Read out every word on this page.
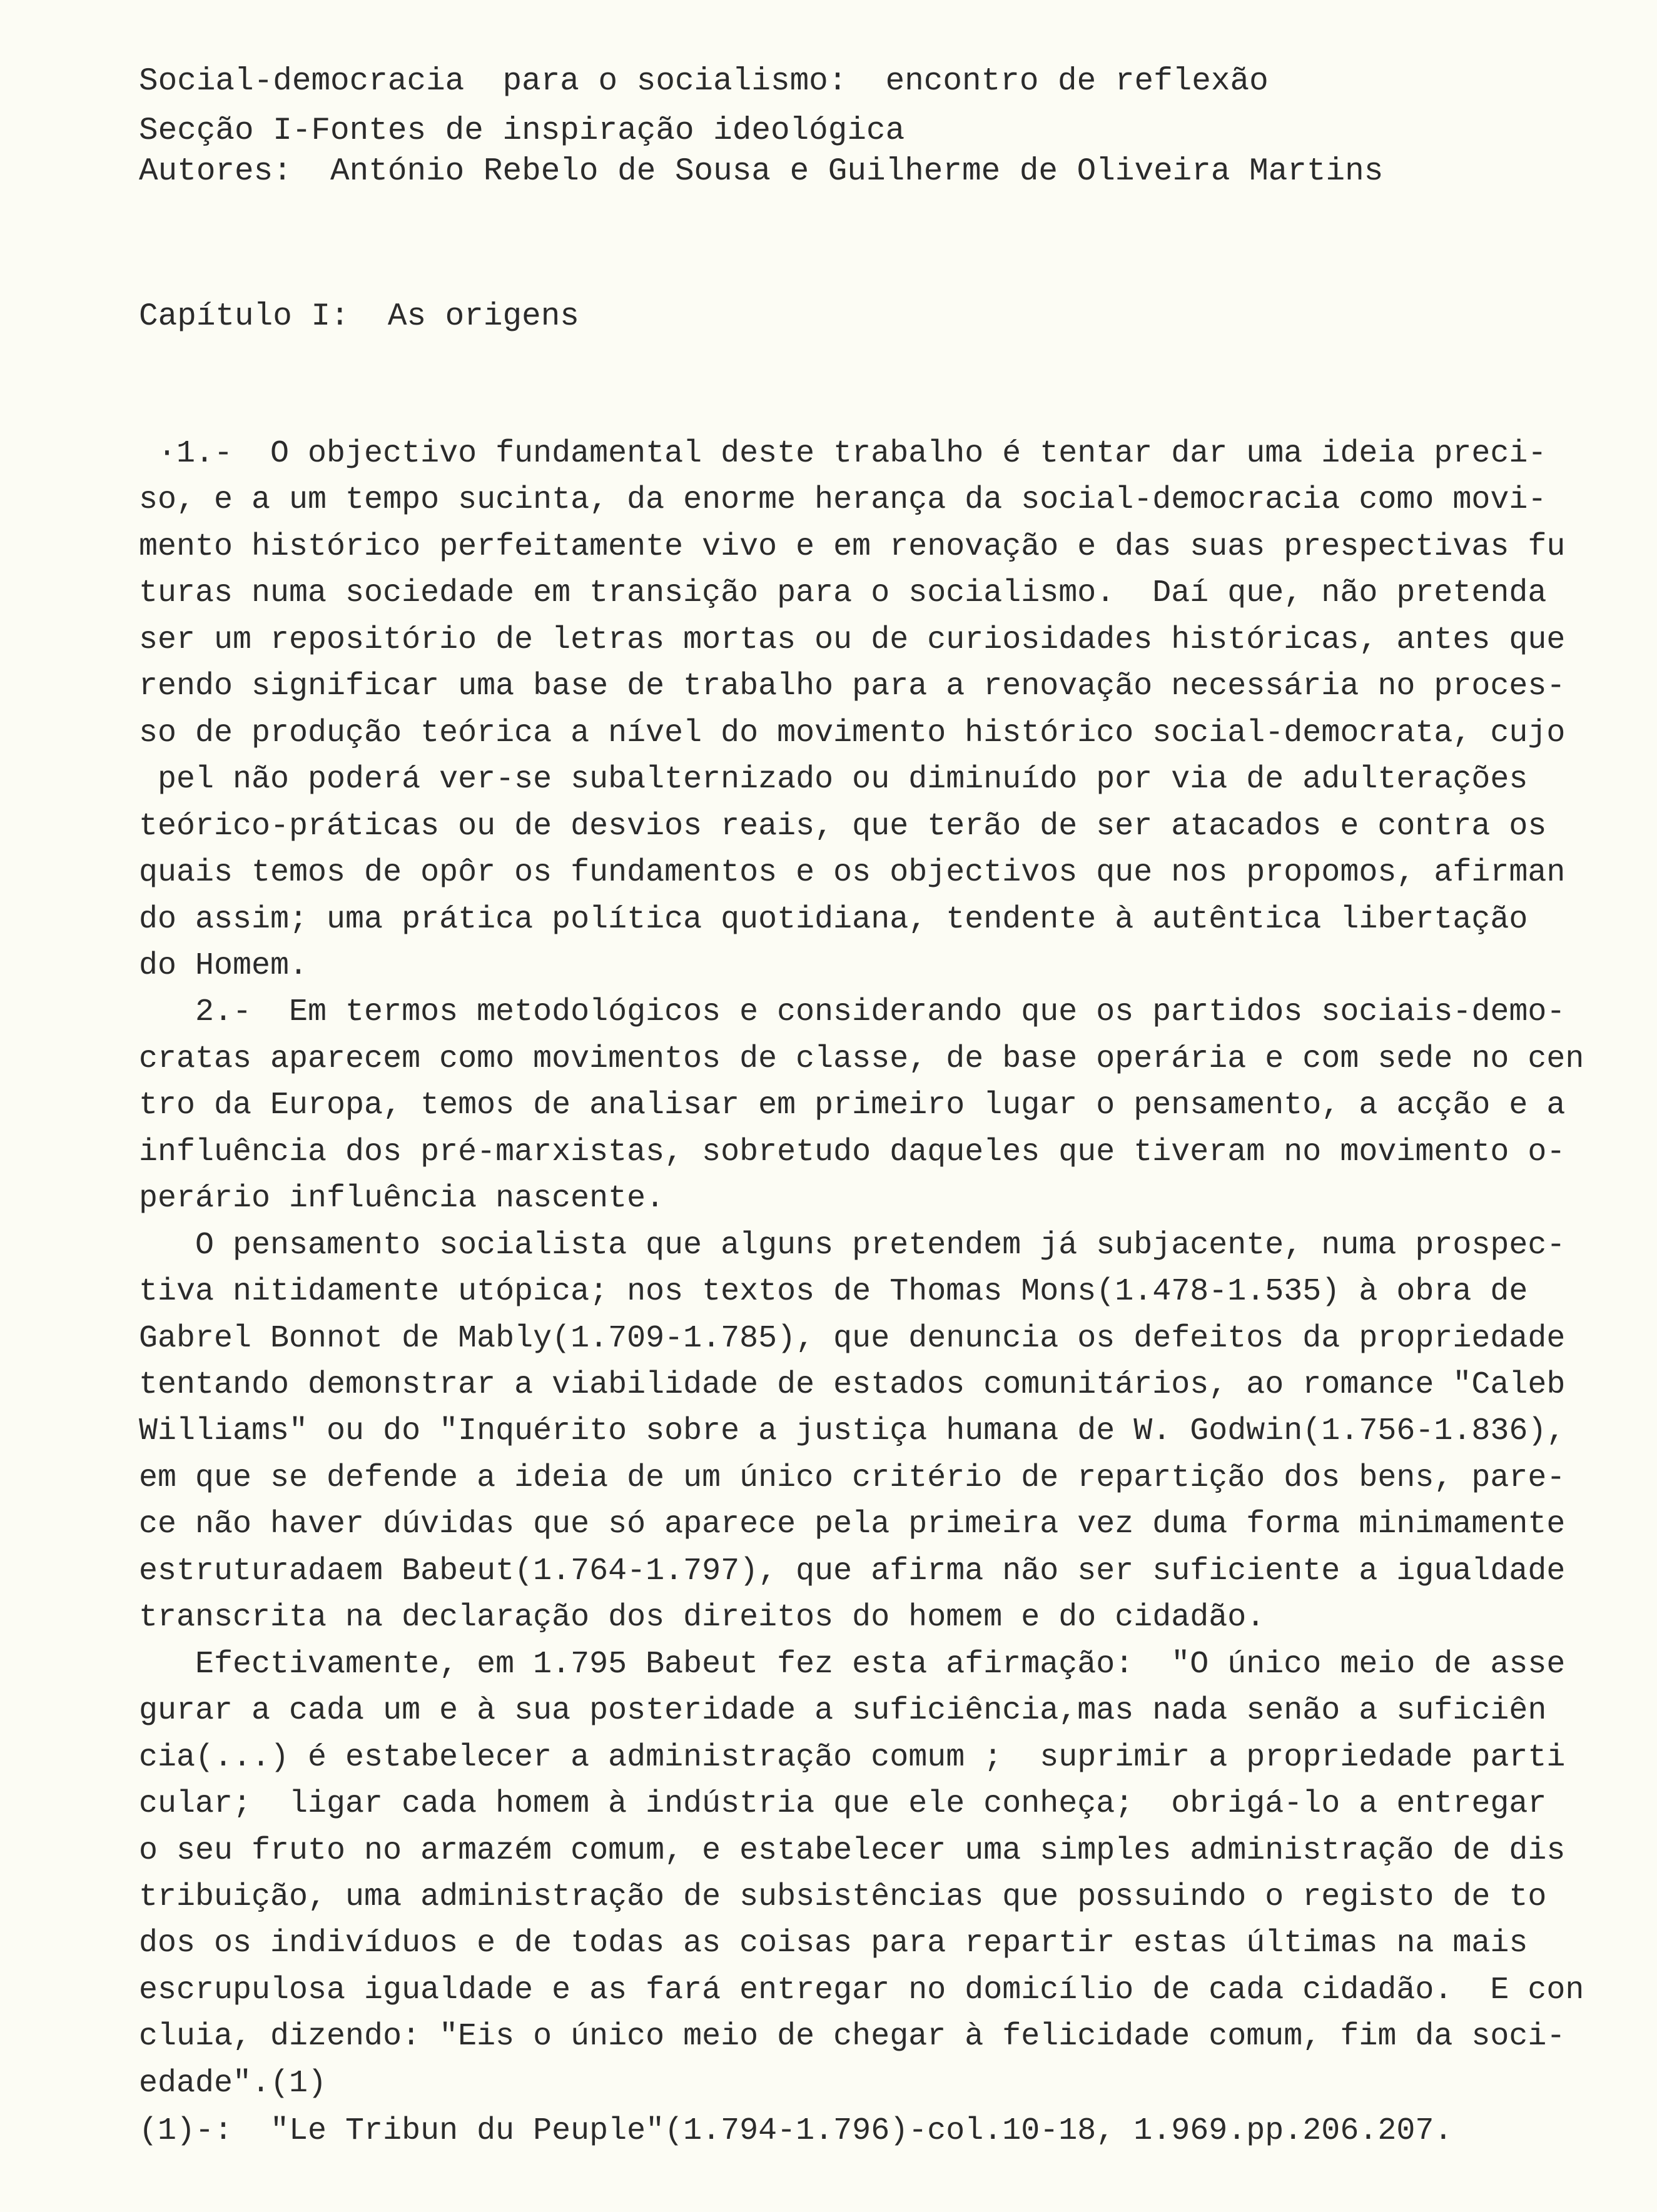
Social-democracia  para o socialismo:  encontro de reflexão
Secção I-Fontes de inspiração ideológica
Autores:  António Rebelo de Sousa e Guilherme de Oliveira Martins
Capítulo I:  As origens
·1.-  O objectivo fundamental deste trabalho é tentar dar uma ideia preci-
so, e a um tempo sucinta, da enorme herança da social-democracia como movi-
mento histórico perfeitamente vivo e em renovação e das suas prespectivas fu
turas numa sociedade em transição para o socialismo.  Daí que, não pretenda
ser um repositório de letras mortas ou de curiosidades históricas, antes que
rendo significar uma base de trabalho para a renovação necessária no proces-
so de produção teórica a nível do movimento histórico social-democrata, cujo
pel não poderá ver-se subalternizado ou diminuído por via de adulterações
teórico-práticas ou de desvios reais, que terão de ser atacados e contra os
quais temos de opôr os fundamentos e os objectivos que nos propomos, afirman
do assim; uma prática política quotidiana, tendente à autêntica libertação
do Homem.
2.-  Em termos metodológicos e considerando que os partidos sociais-demo-
cratas aparecem como movimentos de classe, de base operária e com sede no cen
tro da Europa, temos de analisar em primeiro lugar o pensamento, a acção e a
influência dos pré-marxistas, sobretudo daqueles que tiveram no movimento o-
perário influência nascente.
O pensamento socialista que alguns pretendem já subjacente, numa prospec-
tiva nitidamente utópica; nos textos de Thomas Mons(1.478-1.535) à obra de
Gabrel Bonnot de Mably(1.709-1.785), que denuncia os defeitos da propriedade
tentando demonstrar a viabilidade de estados comunitários, ao romance "Caleb
Williams" ou do "Inquérito sobre a justiça humana de W. Godwin(1.756-1.836),
em que se defende a ideia de um único critério de repartição dos bens, pare-
ce não haver dúvidas que só aparece pela primeira vez duma forma minimamente
estruturadaem Babeut(1.764-1.797), que afirma não ser suficiente a igualdade
transcrita na declaração dos direitos do homem e do cidadão.
Efectivamente, em 1.795 Babeut fez esta afirmação:  "O único meio de asse
gurar a cada um e à sua posteridade a suficiência,mas nada senão a suficiên
cia(...) é estabelecer a administração comum ;  suprimir a propriedade parti
cular;  ligar cada homem à indústria que ele conheça;  obrigá-lo a entregar
o seu fruto no armazém comum, e estabelecer uma simples administração de dis
tribuição, uma administração de subsistências que possuindo o registo de to
dos os indivíduos e de todas as coisas para repartir estas últimas na mais
escrupulosa igualdade e as fará entregar no domicílio de cada cidadão.  E con
cluia, dizendo: "Eis o único meio de chegar à felicidade comum, fim da soci-
edade".(1)
(1)-:  "Le Tribun du Peuple"(1.794-1.796)-col.10-18, 1.969.pp.206.207.
